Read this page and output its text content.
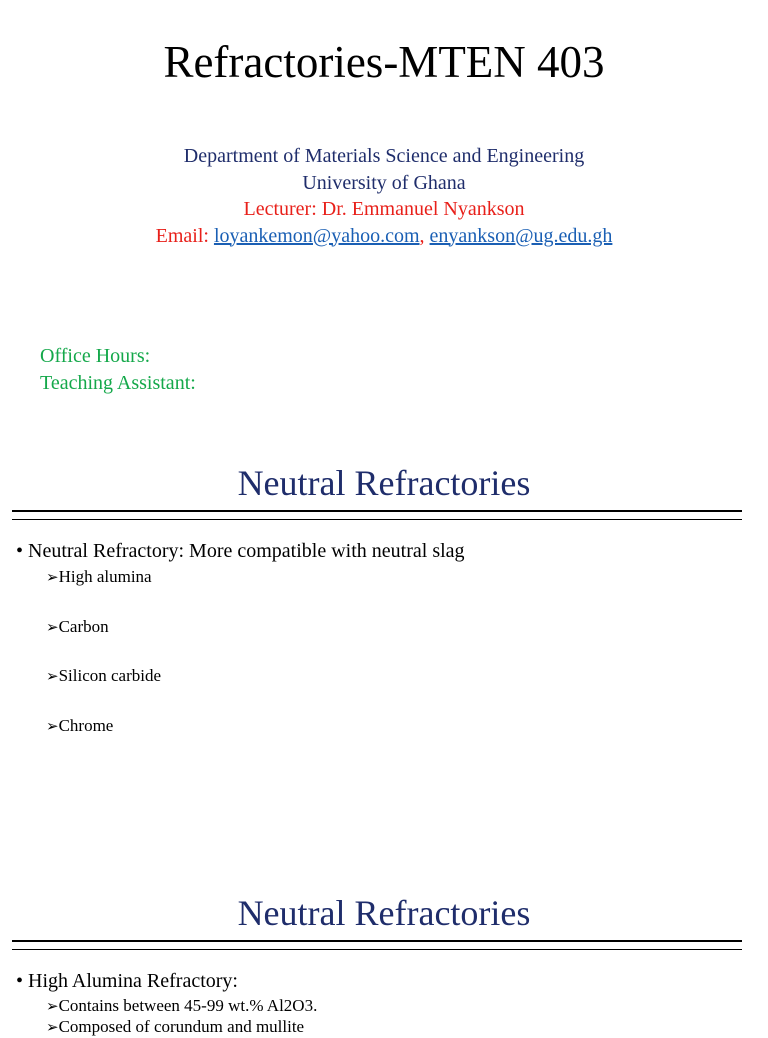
Refractories-MTEN 403
Department of Materials Science and Engineering
University of Ghana
Lecturer: Dr. Emmanuel Nyankson
Email: loyankemon@yahoo.com, enyankson@ug.edu.gh
Office Hours:
Teaching Assistant:
Neutral Refractories
• Neutral Refractory: More compatible with neutral slag
➢High alumina
➢Carbon
➢Silicon carbide
➢Chrome
Neutral Refractories
• High Alumina Refractory:
➢Contains between 45-99 wt.% Al2O3.
➢Composed of corundum and mullite
